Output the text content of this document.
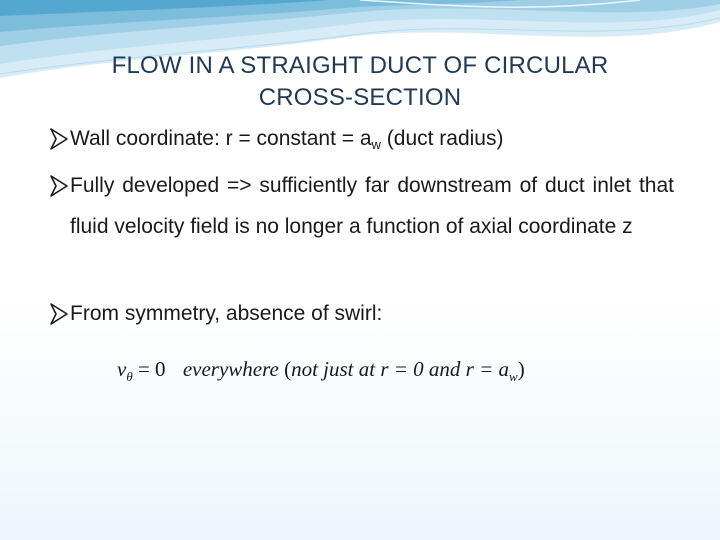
FLOW IN A STRAIGHT DUCT OF CIRCULAR
CROSS-SECTION
Wall coordinate: r = constant = $a_w$ (duct radius)
Fully developed => sufficiently far downstream of duct inlet that fluid velocity field is no longer a function of axial coordinate z
From symmetry, absence of swirl:
$v_\theta = 0$ everywhere (not just at r = 0 and $r = a_w$)
